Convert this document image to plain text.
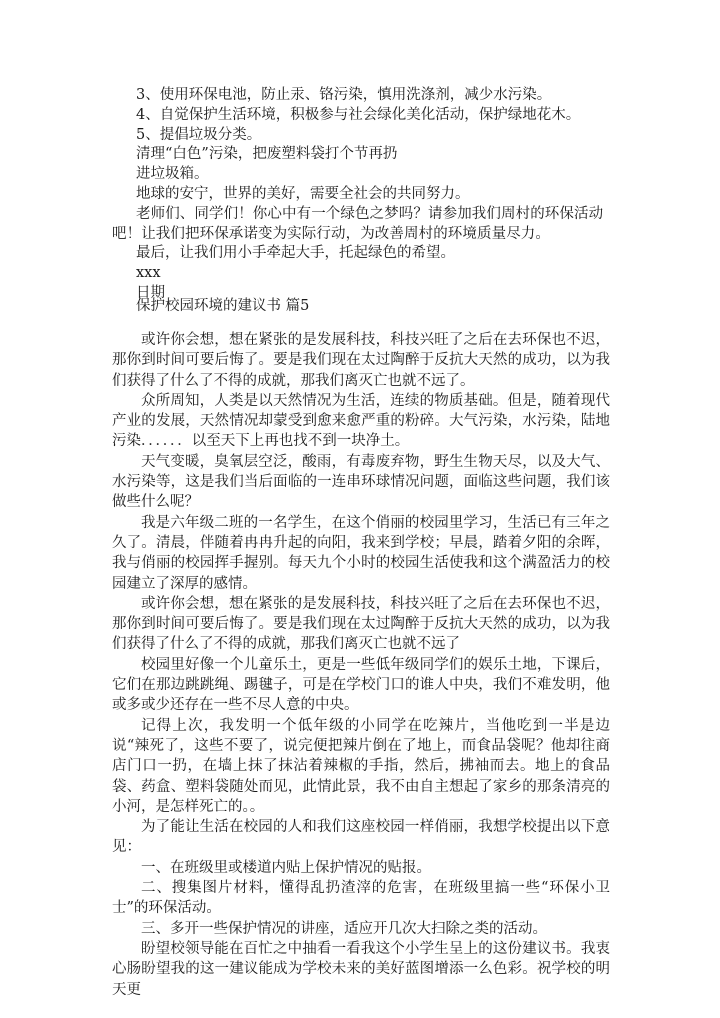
3、使用环保电池，防止汞、铬污染，慎用洗涤剂，减少水污染。

4、自觉保护生活环境，积极参与社会绿化美化活动，保护绿地花木。

5、提倡垃圾分类。

清理“白色”污染，把废塑料袋打个节再扔

进垃圾箱。

地球的安宁，世界的美好，需要全社会的共同努力。

老师们、同学们！你心中有一个绿色之梦吗？请参加我们周村的环保活动吧！让我们把环保承诺变为实际行动，为改善周村的环境质量尽力。

最后，让我们用小手牵起大手，托起绿色的希望。

xxx

日期

保护校园环境的建议书 篇5

或许你会想，想在紧张的是发展科技，科技兴旺了之后在去环保也不迟，那你到时间可要后悔了。要是我们现在太过陶醉于反抗大天然的成功，以为我们获得了什么了不得的成就，那我们离灭亡也就不远了。

众所周知，人类是以天然情况为生活，连续的物质基础。但是，随着现代产业的发展，天然情况却蒙受到愈来愈严重的粉碎。大气污染，水污染，陆地污染．．．．．．以至天下上再也找不到一块净土。

天气变暖，臭氧层空泛，酸雨，有毒废弃物，野生生物天尽，以及大气、水污染等，这是我们当后面临的一连串环球情况问题，面临这些问题，我们该做些什么呢？

我是六年级二班的一名学生，在这个俏丽的校园里学习，生活已有三年之久了。清晨，伴随着冉冉升起的向阳，我来到学校；早晨，踏着夕阳的余晖，我与俏丽的校园挥手握别。每天九个小时的校园生活使我和这个满盈活力的校园建立了深厚的感情。

或许你会想，想在紧张的是发展科技，科技兴旺了之后在去环保也不迟，那你到时间可要后悔了。要是我们现在太过陶醉于反抗大天然的成功，以为我们获得了什么了不得的成就，那我们离灭亡也就不远了

校园里好像一个儿童乐土，更是一些低年级同学们的娱乐土地，下课后，它们在那边跳跳绳、踢毽子，可是在学校门口的谁人中央，我们不难发明，他或多或少还存在一些不尽人意的中央。

记得上次，我发明一个低年级的小同学在吃辣片，当他吃到一半是边说“辣死了，这些不要了，说完便把辣片倒在了地上，而食品袋呢？他却往商店门口一扔，在墙上抹了抹沾着辣椒的手指，然后，拂袖而去。地上的食品袋、药盒、塑料袋随处而见，此情此景，我不由自主想起了家乡的那条清亮的小河，是怎样死亡的。。

为了能让生活在校园的人和我们这座校园一样俏丽，我想学校提出以下意见：

一、在班级里或楼道内贴上保护情况的贴报。

二、搜集图片材料，懂得乱扔渣滓的危害，在班级里搞一些“环保小卫士”的环保活动。

三、多开一些保护情况的讲座，适应开几次大扫除之类的活动。

盼望校领导能在百忙之中抽看一看我这个小学生呈上的这份建议书。我衷心肠盼望我的这一建议能成为学校未来的美好蓝图增添一么色彩。祝学校的明天更
